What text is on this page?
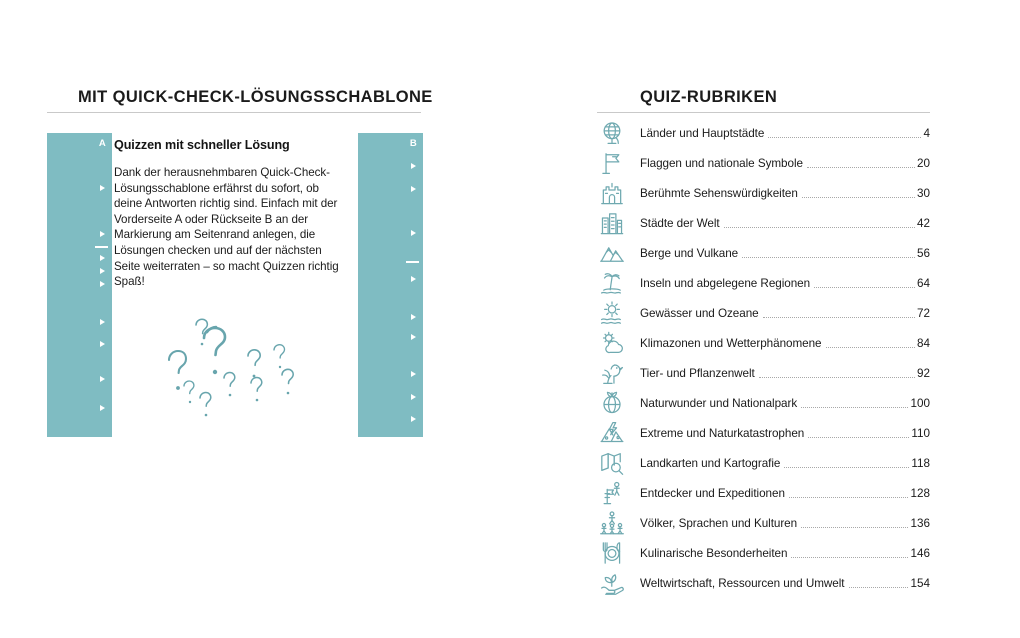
MIT QUICK-CHECK-LÖSUNGSSCHABLONE
A	B

Quizzen mit schneller Lösung

Dank der herausnehmbaren Quick-Check-Lösungsschablone erfährst du sofort, ob deine Antworten richtig sind. Einfach mit der Vorderseite A oder Rückseite B an der Markierung am Seitenrand anlegen, die Lösungen checken und auf der nächsten Seite weiterraten – so macht Quizzen richtig Spaß!

QUIZ-RUBRIKEN
Länder und Hauptstädte	4
Flaggen und nationale Symbole	20
Berühmte Sehenswürdigkeiten	30
Städte der Welt	42
Berge und Vulkane	56
Inseln und abgelegene Regionen	64
Gewässer und Ozeane	72
Klimazonen und Wetterphänomene	84
Tier- und Pflanzenwelt	92
Naturwunder und Nationalpark	100
Extreme und Naturkatastrophen	110
Landkarten und Kartografie	118
Entdecker und Expeditionen	128
Völker, Sprachen und Kulturen	136
Kulinarische Besonderheiten	146
Weltwirtschaft, Ressourcen und Umwelt	154
